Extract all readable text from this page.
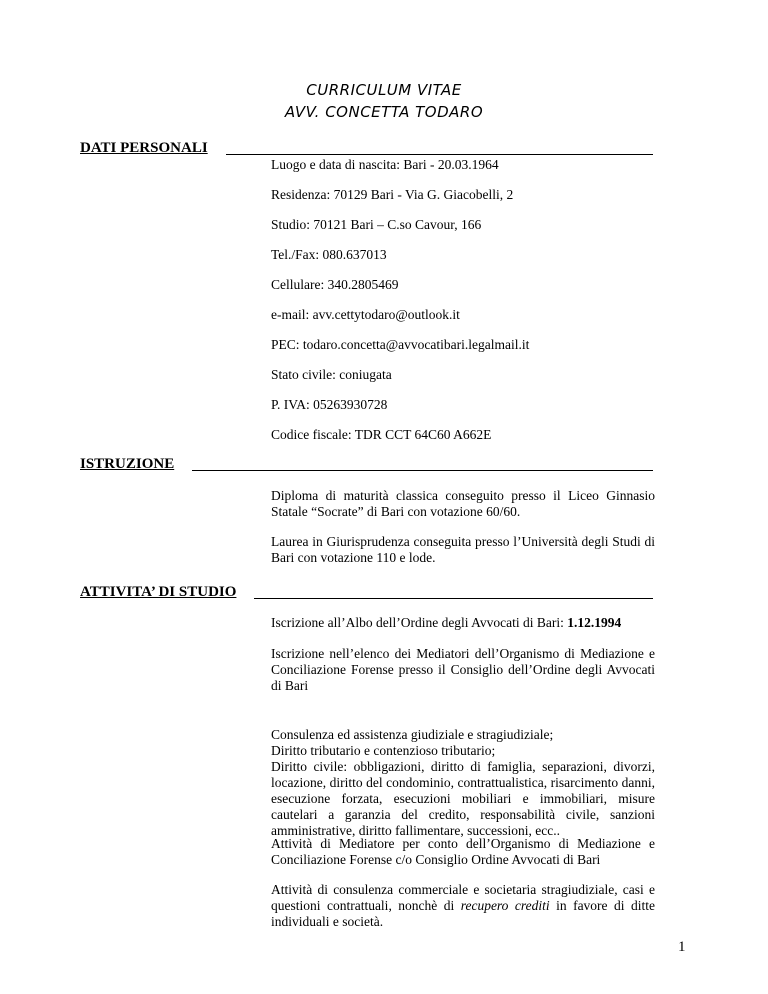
CURRICULUM VITAE
AVV. CONCETTA TODARO
DATI PERSONALI
Luogo e data di nascita: Bari - 20.03.1964
Residenza: 70129 Bari - Via G. Giacobelli, 2
Studio: 70121 Bari – C.so Cavour, 166
Tel./Fax: 080.637013
Cellulare: 340.2805469
e-mail: avv.cettytodaro@outlook.it
PEC: todaro.concetta@avvocatibari.legalmail.it
Stato civile: coniugata
P. IVA: 05263930728
Codice fiscale: TDR CCT 64C60 A662E
ISTRUZIONE
Diploma di maturità classica conseguito presso il Liceo Ginnasio Statale “Socrate” di Bari con votazione 60/60.
Laurea in Giurisprudenza conseguita presso l’Università degli Studi di Bari con votazione 110 e lode.
ATTIVITA’ DI STUDIO
Iscrizione all’Albo dell’Ordine degli Avvocati di Bari: 1.12.1994
Iscrizione nell’elenco dei Mediatori dell’Organismo di Mediazione e Conciliazione Forense presso il Consiglio dell’Ordine degli Avvocati di Bari
Consulenza ed assistenza giudiziale e stragiudiziale;
Diritto tributario e contenzioso tributario;
Diritto civile: obbligazioni, diritto di famiglia, separazioni, divorzi, locazione, diritto del condominio, contrattualistica, risarcimento danni, esecuzione forzata, esecuzioni mobiliari e immobiliari, misure cautelari a garanzia del credito, responsabilità civile, sanzioni amministrative, diritto fallimentare, successioni, ecc..
Attività di Mediatore per conto dell’Organismo di Mediazione e Conciliazione Forense c/o Consiglio Ordine Avvocati di Bari
Attività di consulenza commerciale e societaria stragiudiziale, casi e questioni contrattuali, nonchè di recupero crediti in favore di ditte individuali e società.
1
